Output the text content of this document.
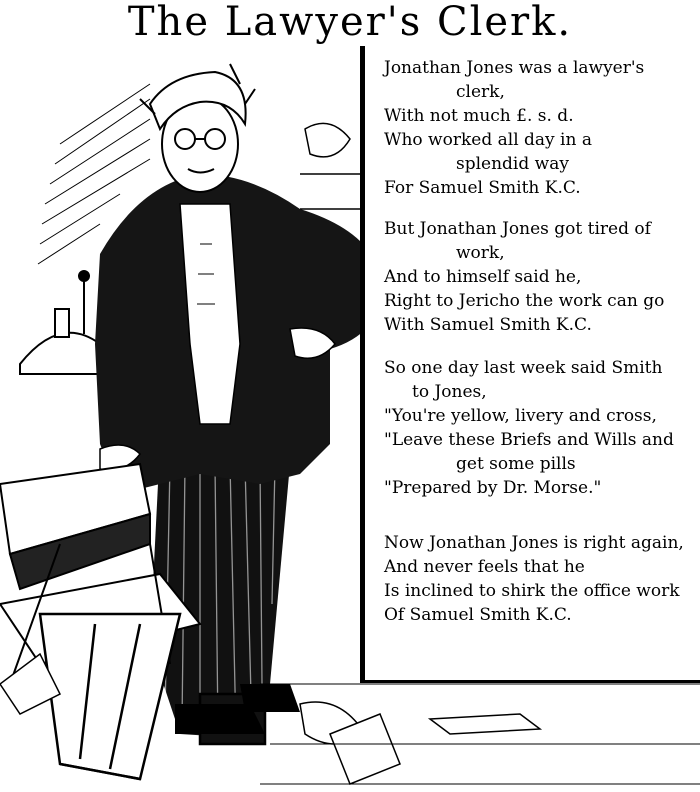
The Lawyer's Clerk.
Jonathan Jones was a lawyer's
clerk,
With not much £. s. d.
Who worked all day in a
splendid way
For Samuel Smith K.C.
But Jonathan Jones got tired of
work,
And to himself said he,
Right to Jericho the work can go
With Samuel Smith K.C.
So one day last week said Smith
to Jones,
"You're yellow, livery and cross,
"Leave these Briefs and Wills and
get some pills
"Prepared by Dr. Morse."
Now Jonathan Jones is right again,
And never feels that he
Is inclined to shirk the office work
Of Samuel Smith K.C.
